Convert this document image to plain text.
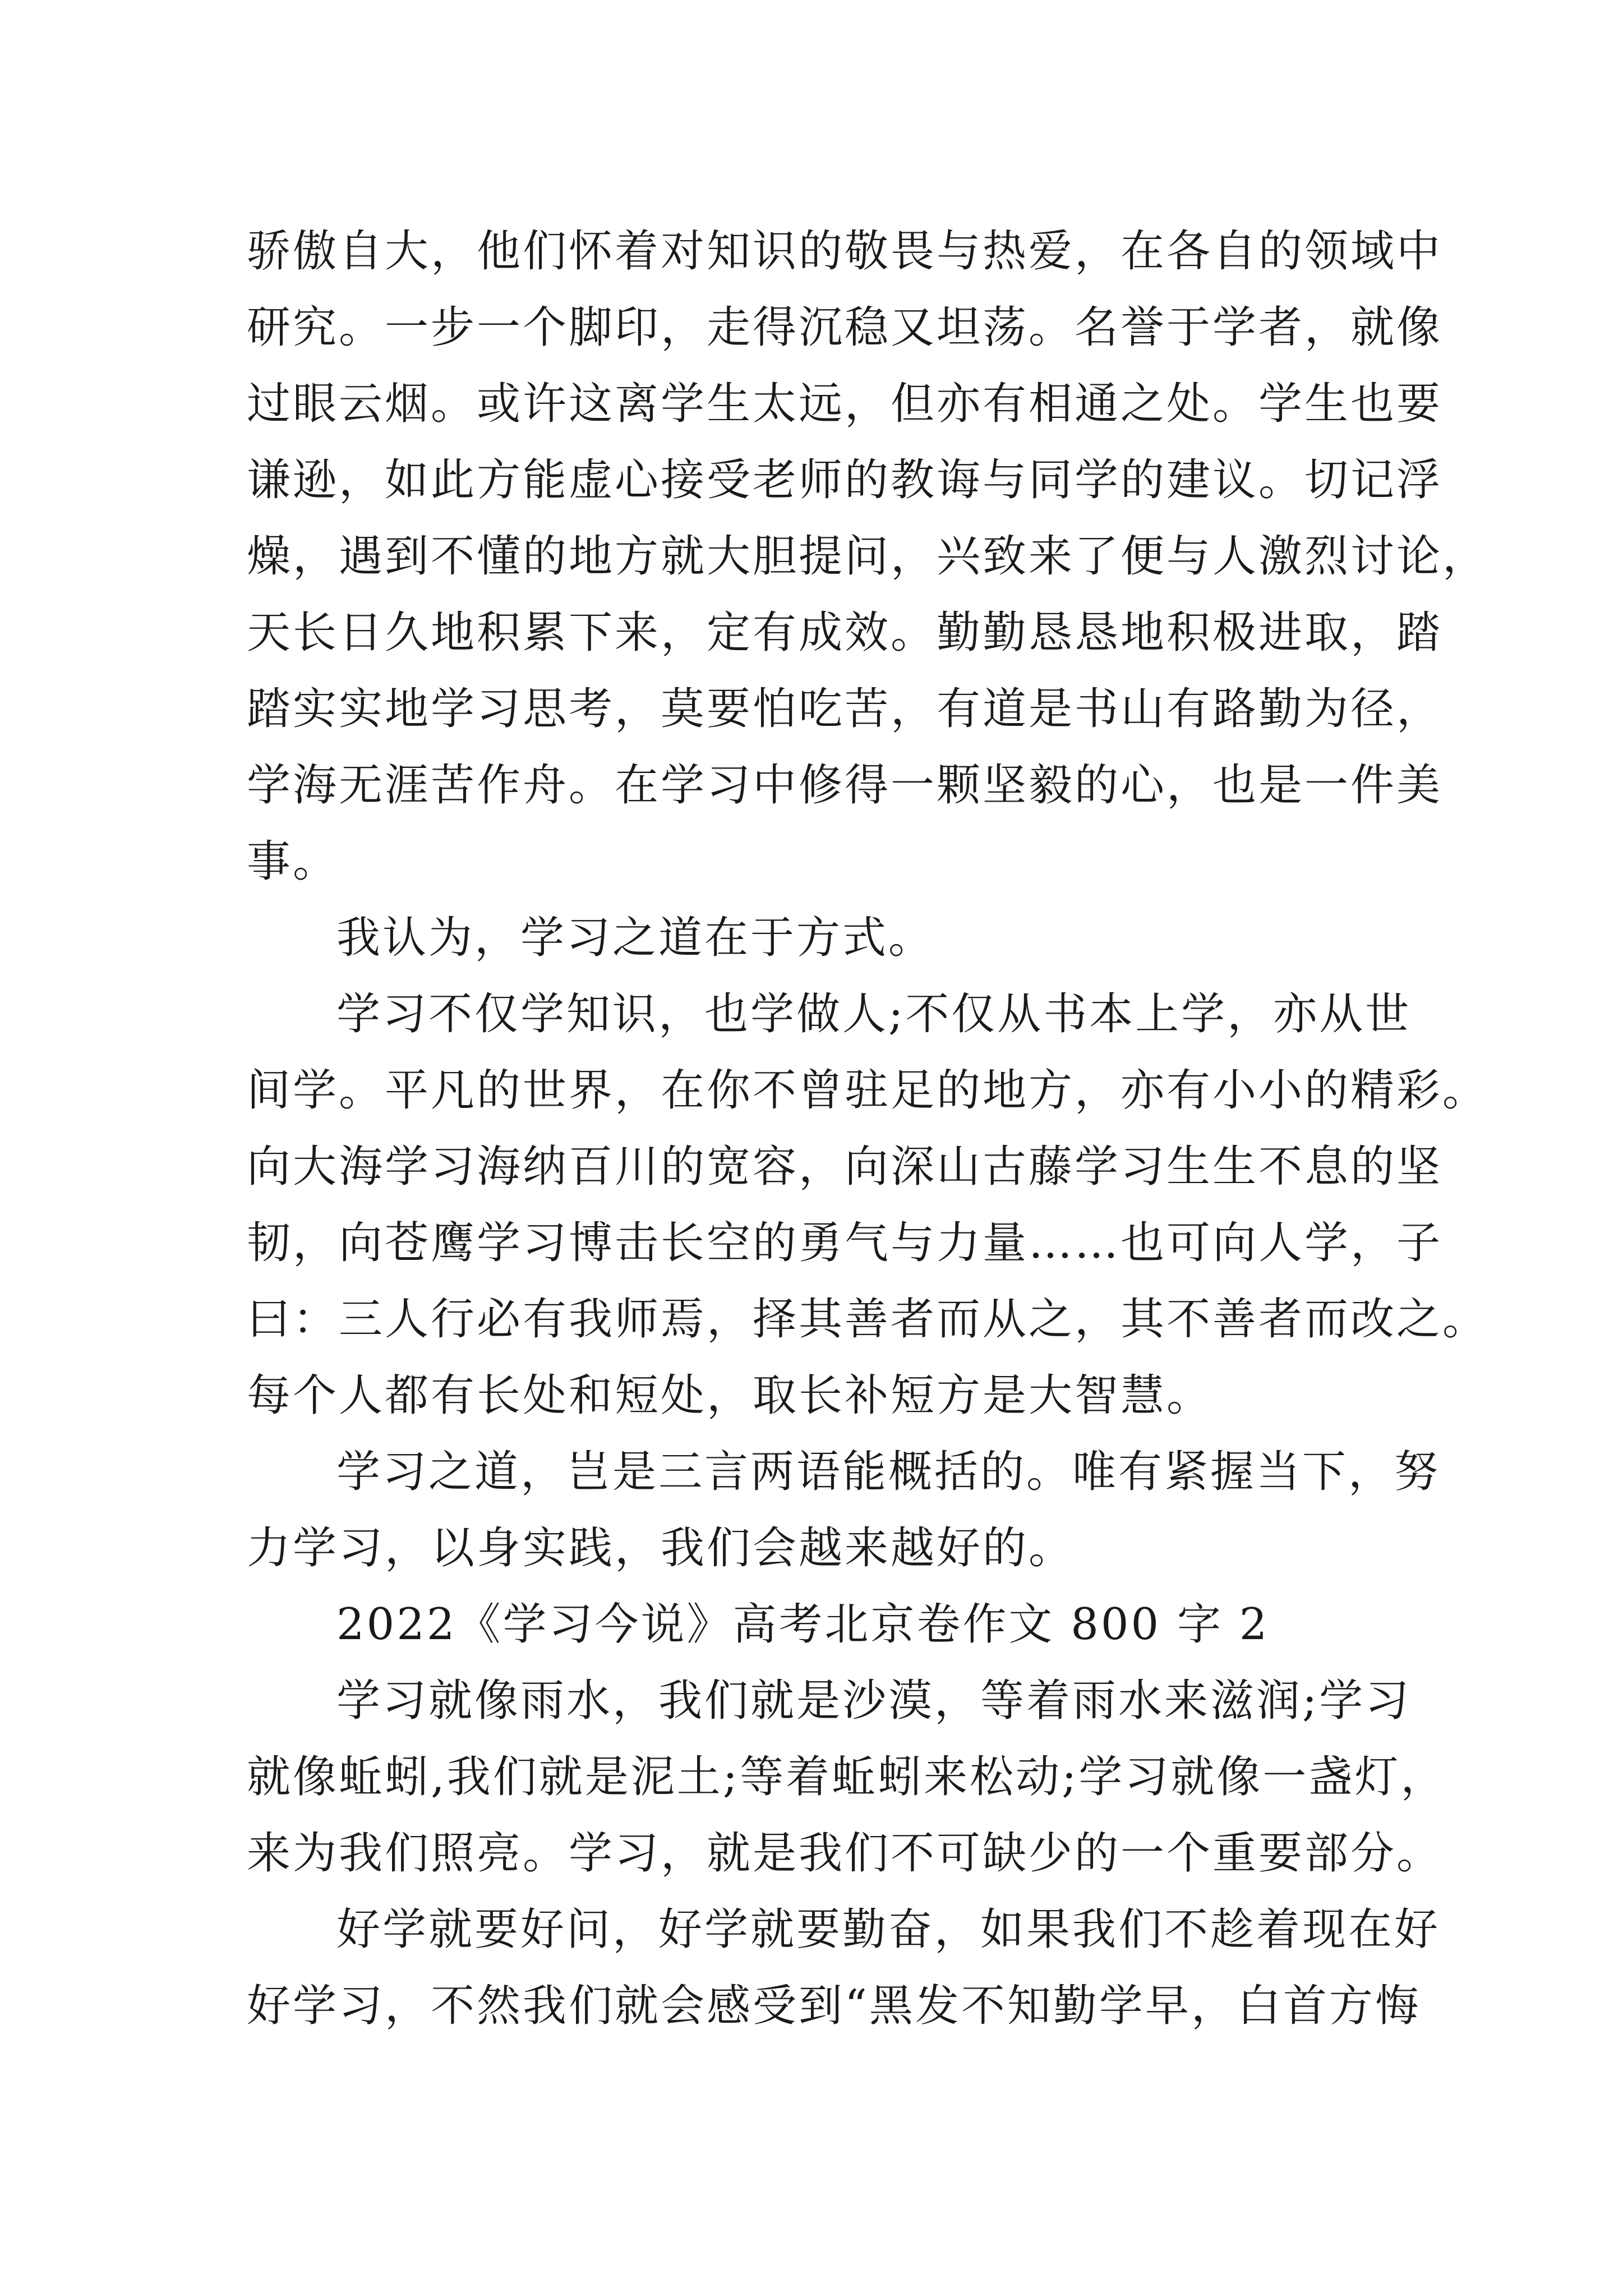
骄傲自大，他们怀着对知识的敬畏与热爱，在各自的领域中
研究。一步一个脚印，走得沉稳又坦荡。名誉于学者，就像
过眼云烟。或许这离学生太远，但亦有相通之处。学生也要
谦逊，如此方能虚心接受老师的教诲与同学的建议。切记浮
燥，遇到不懂的地方就大胆提问，兴致来了便与人激烈讨论，
天长日久地积累下来，定有成效。勤勤恳恳地积极进取，踏
踏实实地学习思考，莫要怕吃苦，有道是书山有路勤为径，
学海无涯苦作舟。在学习中修得一颗坚毅的心，也是一件美
事。
我认为，学习之道在于方式。
学习不仅学知识，也学做人;不仅从书本上学，亦从世
间学。平凡的世界，在你不曾驻足的地方，亦有小小的精彩。
向大海学习海纳百川的宽容，向深山古藤学习生生不息的坚
韧，向苍鹰学习博击长空的勇气与力量……也可向人学，子
曰：三人行必有我师焉，择其善者而从之，其不善者而改之。
每个人都有长处和短处，取长补短方是大智慧。
学习之道，岂是三言两语能概括的。唯有紧握当下，努
力学习，以身实践，我们会越来越好的。
2022《学习今说》高考北京卷作文 800 字 2
学习就像雨水，我们就是沙漠，等着雨水来滋润;学习
就像蚯蚓,我们就是泥土;等着蚯蚓来松动;学习就像一盏灯，
来为我们照亮。学习，就是我们不可缺少的一个重要部分。
好学就要好问，好学就要勤奋，如果我们不趁着现在好
好学习，不然我们就会感受到“黑发不知勤学早，白首方悔
